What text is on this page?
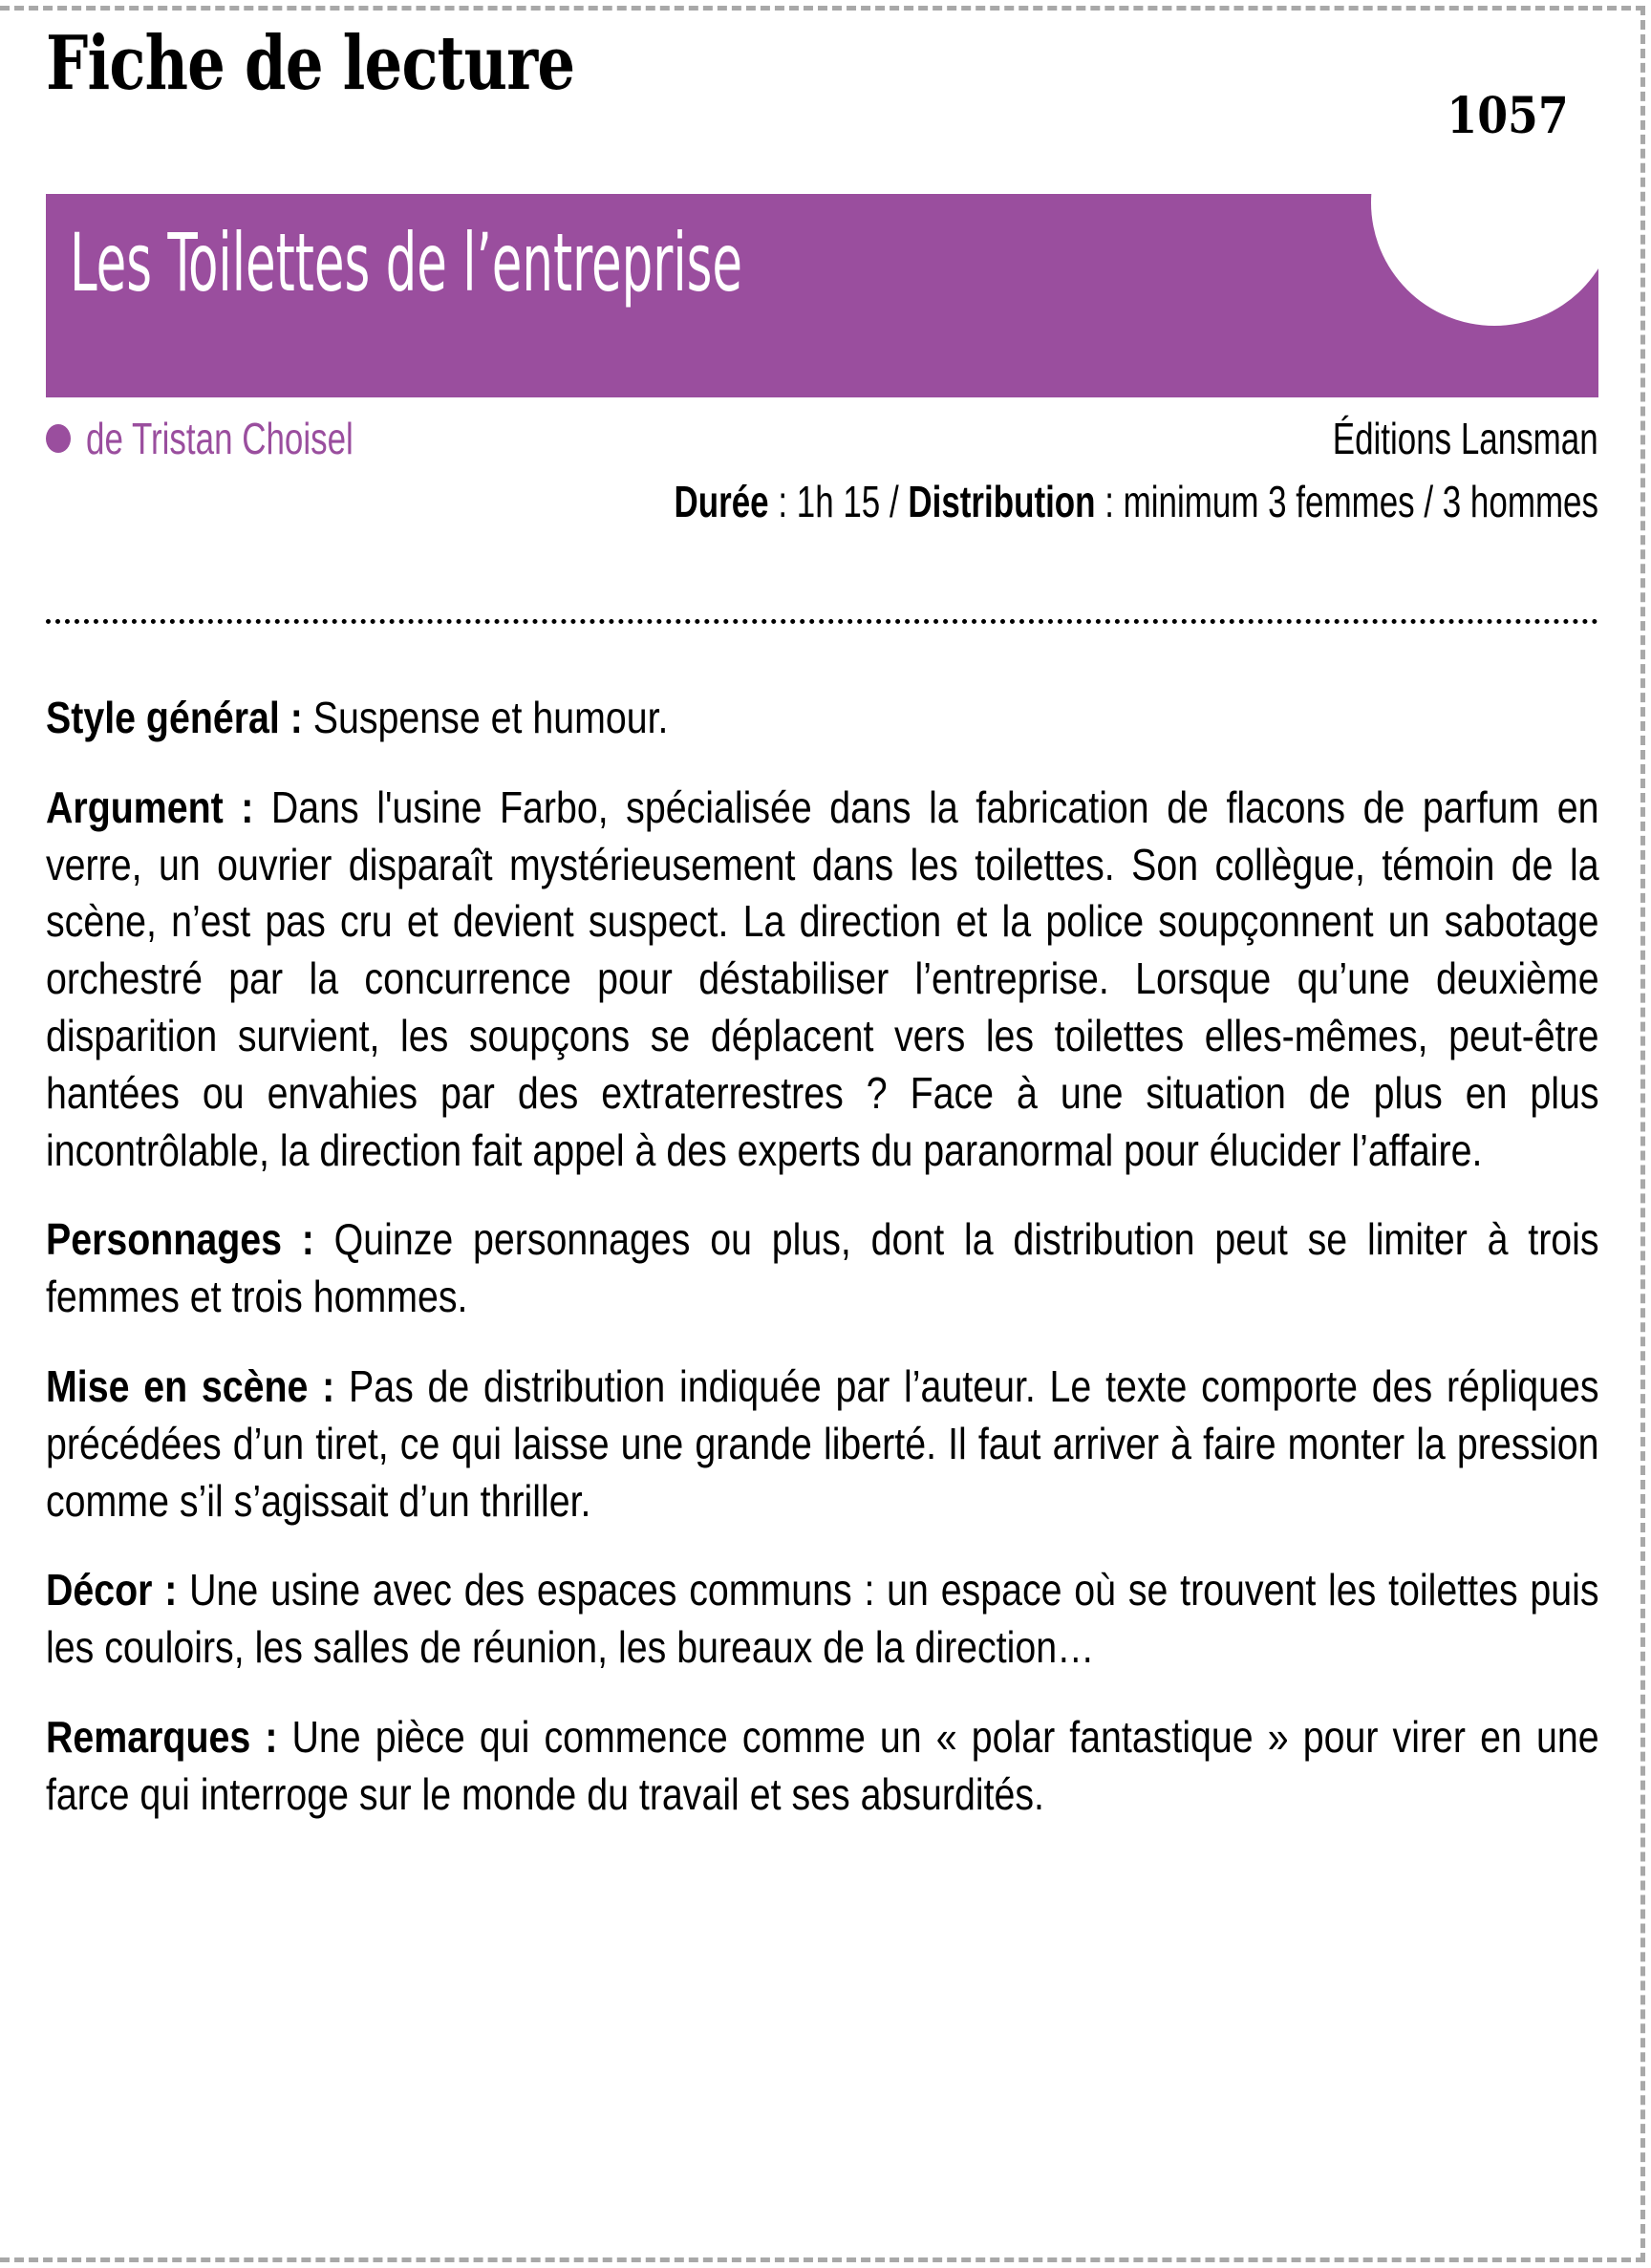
Fiche de lecture
1057
Les Toilettes de l’entreprise
de Tristan Choisel	Éditions Lansman
Durée : 1h 15 / Distribution : minimum 3 femmes / 3 hommes

Style général : Suspense et humour.

Argument : Dans l'usine Farbo, spécialisée dans la fabrication de flacons de parfum en verre, un ouvrier disparaît mystérieusement dans les toilettes. Son collègue, témoin de la scène, n’est pas cru et devient suspect. La direction et la police soupçonnent un sabotage orchestré par la concurrence pour déstabiliser l’entreprise. Lorsque qu’une deuxième disparition survient, les soupçons se déplacent vers les toilettes elles-mêmes, peut-être hantées ou envahies par des extraterrestres ? Face à une situation de plus en plus incontrôlable, la direction fait appel à des experts du paranormal pour élucider l’affaire.

Personnages : Quinze personnages ou plus, dont la distribution peut se limiter à trois femmes et trois hommes.

Mise en scène : Pas de distribution indiquée par l’auteur. Le texte comporte des répliques précédées d’un tiret, ce qui laisse une grande liberté. Il faut arriver à faire monter la pression comme s’il s’agissait d’un thriller.

Décor : Une usine avec des espaces communs : un espace où se trouvent les toilettes puis les couloirs, les salles de réunion, les bureaux de la direction…

Remarques : Une pièce qui commence comme un « polar fantastique » pour virer en une farce qui interroge sur le monde du travail et ses absurdités.
